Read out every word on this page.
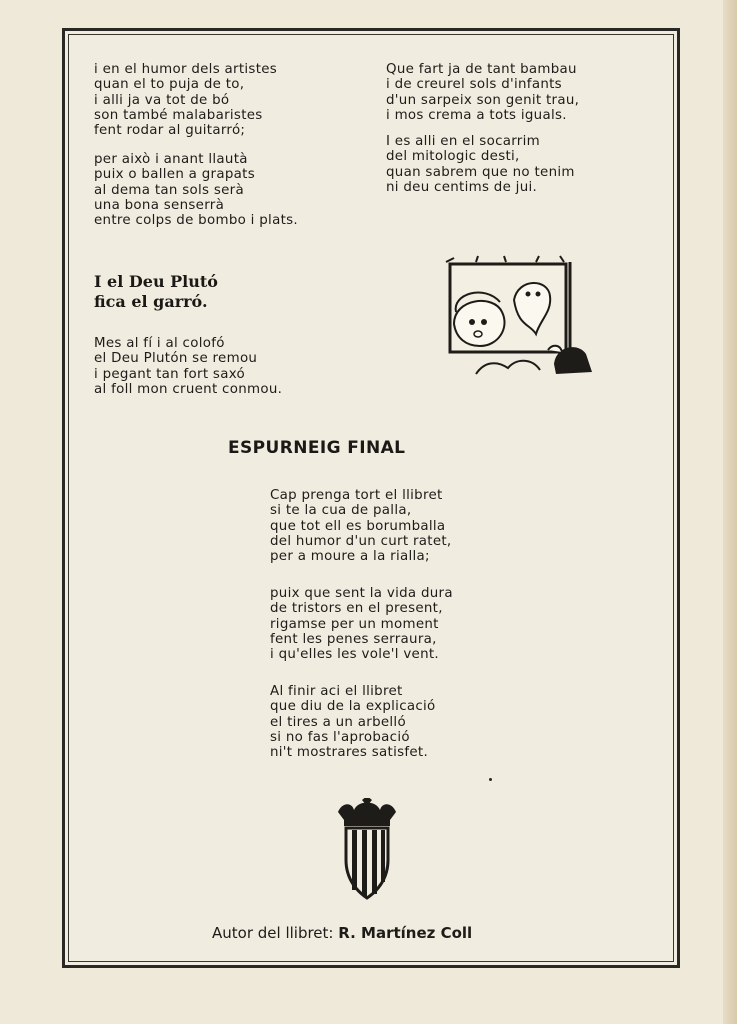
i en el humor dels artistes
quan el to puja de to,
i alli ja va tot de bó
son també malabaristes
fent rodar al guitarró;
per això i anant llautà
puix o ballen a grapats
al dema tan sols serà
una bona senserrà
entre colps de bombo i plats.
I el Deu Plutó
fica el garró.
Mes al fí i al colofó
el Deu Plutón se remou
i pegant tan fort saxó
al foll mon cruent conmou.
Que fart ja de tant bambau
i de creurel sols d'infants
d'un sarpeix son genit trau,
i mos crema a tots iguals.
I es alli en el socarrim
del mitologic desti,
quan sabrem que no tenim
ni deu centims de jui.
ESPURNEIG FINAL
Cap prenga tort el llibret
si te la cua de palla,
que tot ell es borumballa
del humor d'un curt ratet,
per a moure a la rialla;
puix que sent la vida dura
de tristors en el present,
rigamse per un moment
fent les penes serraura,
i qu'elles les vole'l vent.
Al finir aci el llibret
que diu de la explicació
el tires a un arbelló
si no fas l'aprobació
ni't mostrares satisfet.

Autor del llibret: R. Martínez Coll
